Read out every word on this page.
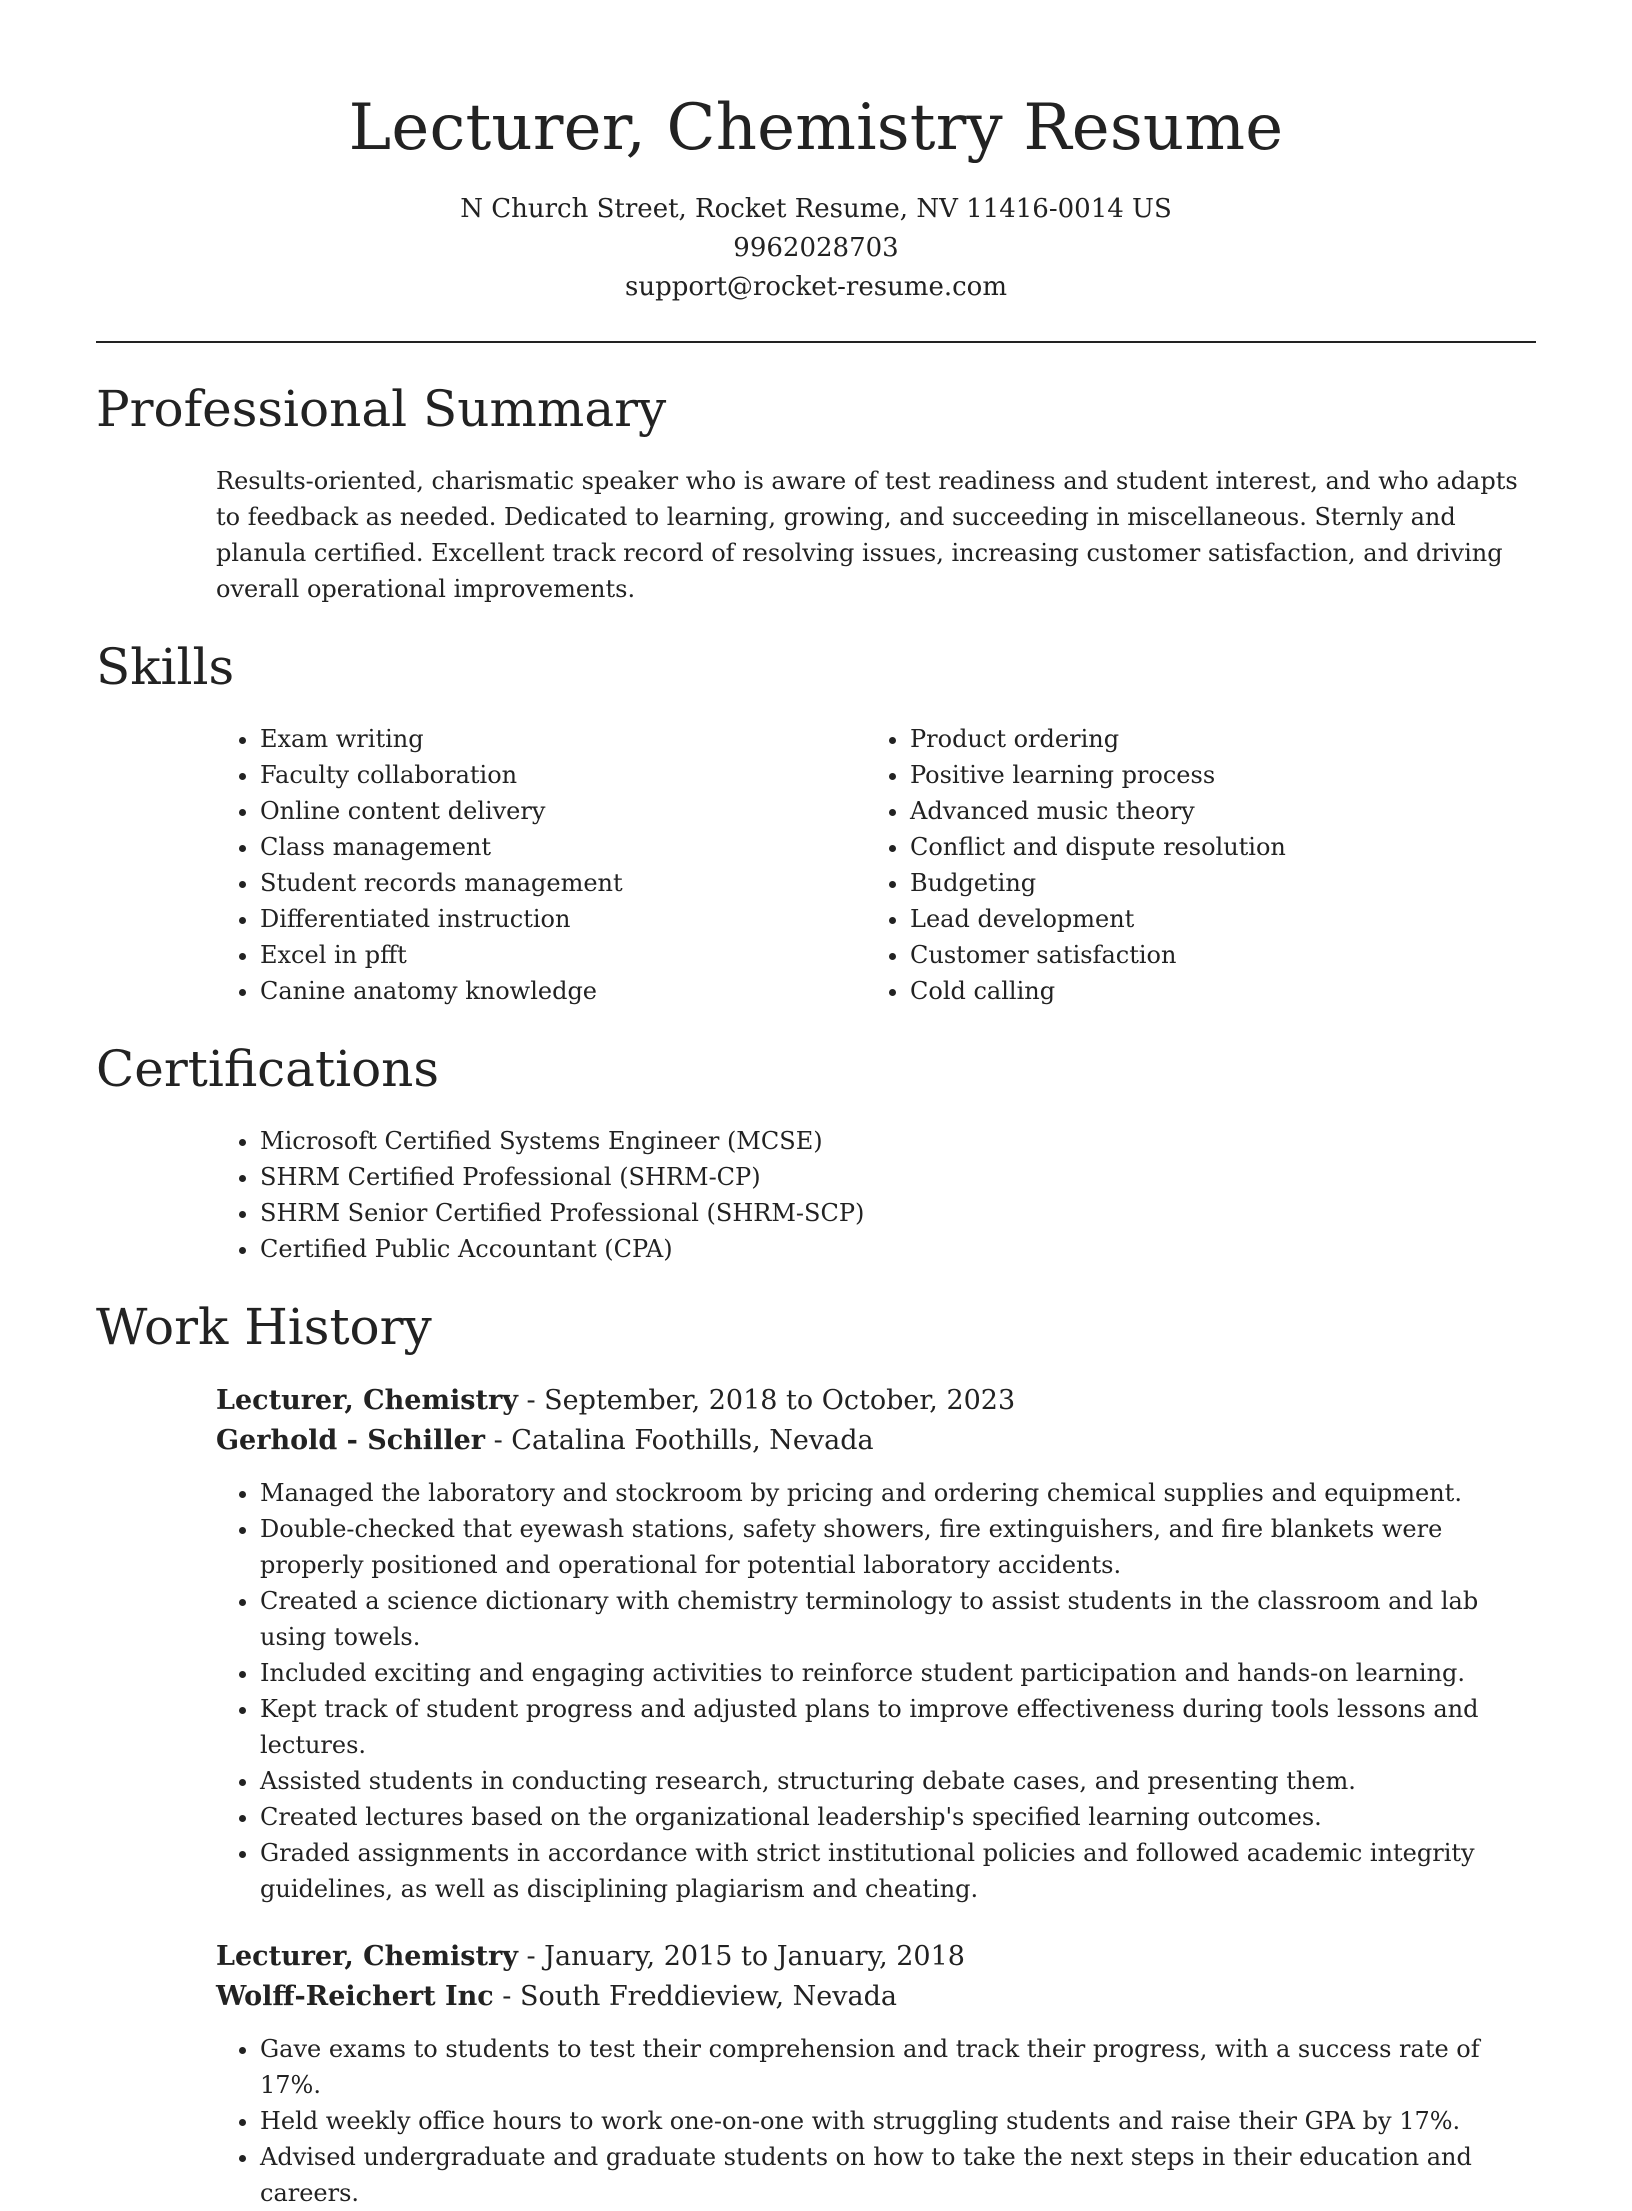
Lecturer, Chemistry Resume
N Church Street, Rocket Resume, NV 11416-0014 US
9962028703
support@rocket-resume.com
Professional Summary
Results-oriented, charismatic speaker who is aware of test readiness and student interest, and who adapts to feedback as needed. Dedicated to learning, growing, and succeeding in miscellaneous. Sternly and planula certified. Excellent track record of resolving issues, increasing customer satisfaction, and driving overall operational improvements.
Skills
• Exam writing
• Faculty collaboration
• Online content delivery
• Class management
• Student records management
• Differentiated instruction
• Excel in pfft
• Canine anatomy knowledge
• Product ordering
• Positive learning process
• Advanced music theory
• Conflict and dispute resolution
• Budgeting
• Lead development
• Customer satisfaction
• Cold calling
Certifications
• Microsoft Certified Systems Engineer (MCSE)
• SHRM Certified Professional (SHRM-CP)
• SHRM Senior Certified Professional (SHRM-SCP)
• Certified Public Accountant (CPA)
Work History
Lecturer, Chemistry - September, 2018 to October, 2023
Gerhold - Schiller - Catalina Foothills, Nevada
• Managed the laboratory and stockroom by pricing and ordering chemical supplies and equipment.
• Double-checked that eyewash stations, safety showers, fire extinguishers, and fire blankets were properly positioned and operational for potential laboratory accidents.
• Created a science dictionary with chemistry terminology to assist students in the classroom and lab using towels.
• Included exciting and engaging activities to reinforce student participation and hands-on learning.
• Kept track of student progress and adjusted plans to improve effectiveness during tools lessons and lectures.
• Assisted students in conducting research, structuring debate cases, and presenting them.
• Created lectures based on the organizational leadership's specified learning outcomes.
• Graded assignments in accordance with strict institutional policies and followed academic integrity guidelines, as well as disciplining plagiarism and cheating.
Lecturer, Chemistry - January, 2015 to January, 2018
Wolff-Reichert Inc - South Freddieview, Nevada
• Gave exams to students to test their comprehension and track their progress, with a success rate of 17%.
• Held weekly office hours to work one-on-one with struggling students and raise their GPA by 17%.
• Advised undergraduate and graduate students on how to take the next steps in their education and careers.
